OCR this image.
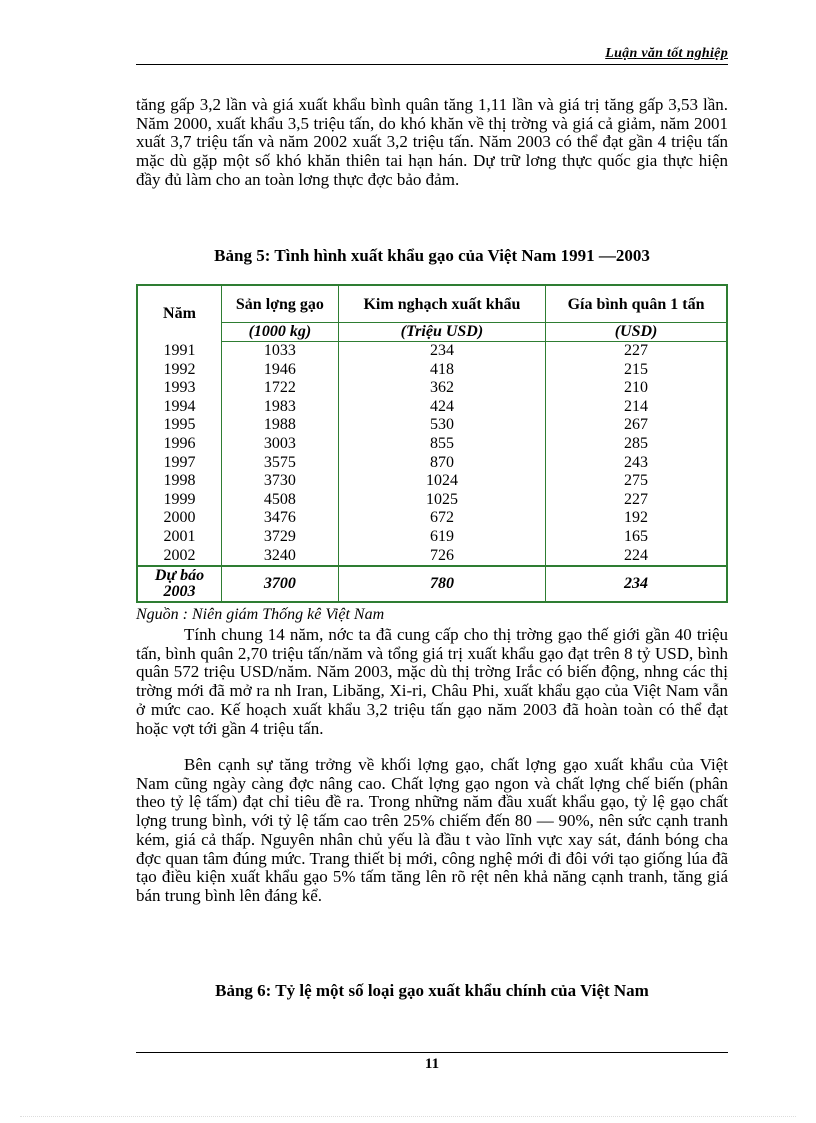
Luận văn tốt nghiệp

tăng gấp 3,2 lần và giá xuất khẩu bình quân tăng 1,11 lần và giá trị tăng gấp 3,53 lần. Năm 2000, xuất khẩu 3,5 triệu tấn, do khó khăn về thị trờng và giá cả giảm, năm 2001 xuất 3,7 triệu tấn và năm 2002 xuất 3,2 triệu tấn. Năm 2003 có thể đạt gần 4 triệu tấn mặc dù gặp một số khó khăn thiên tai hạn hán. Dự trữ lơng thực quốc gia thực hiện đầy đủ làm cho an toàn lơng thực đợc bảo đảm.

Bảng 5: Tình hình xuất khẩu gạo của Việt Nam 1991 —2003

Năm	Sản lợng gạo	Kim nghạch xuất khẩu	Gía bình quân 1 tấn
	(1000 kg)	(Triệu USD)	(USD)
1991	1033	234	227
1992	1946	418	215
1993	1722	362	210
1994	1983	424	214
1995	1988	530	267
1996	3003	855	285
1997	3575	870	243
1998	3730	1024	275
1999	4508	1025	227
2000	3476	672	192
2001	3729	619	165
2002	3240	726	224
Dự báo 2003	3700	780	234
Nguồn : Niên giám Thống kê Việt Nam

Tính chung 14 năm, nớc ta đã cung cấp cho thị trờng gạo thế giới gần 40 triệu tấn, bình quân 2,70 triệu tấn/năm và tổng giá trị xuất khẩu gạo đạt trên 8 tỷ USD, bình quân 572 triệu USD/năm. Năm 2003, mặc dù thị trờng Irắc có biến động, nhng các thị trờng mới đã mở ra nh Iran, Libăng, Xi-ri, Châu Phi, xuất khẩu gạo của Việt Nam vẫn ở mức cao. Kế hoạch xuất khẩu 3,2 triệu tấn gạo năm 2003 đã hoàn toàn có thể đạt hoặc vợt tới gần 4 triệu tấn.

Bên cạnh sự tăng trởng về khối lợng gạo, chất lợng gạo xuất khẩu của Việt Nam cũng ngày càng đợc nâng cao. Chất lợng gạo ngon và chất lợng chế biến (phân theo tỷ lệ tấm) đạt chỉ tiêu đề ra. Trong những năm đầu xuất khẩu gạo, tỷ lệ gạo chất lợng trung bình, với tỷ lệ tấm cao trên 25% chiếm đến 80 — 90%, nên sức cạnh tranh kém, giá cả thấp. Nguyên nhân chủ yếu là đầu t vào lĩnh vực xay sát, đánh bóng cha đợc quan tâm đúng mức. Trang thiết bị mới, công nghệ mới đi đôi với tạo giống lúa đã tạo điều kiện xuất khẩu gạo 5% tấm tăng lên rõ rệt nên khả năng cạnh tranh, tăng giá bán trung bình lên đáng kể.

Bảng 6: Tỷ lệ một số loại gạo xuất khẩu chính của Việt Nam

11
